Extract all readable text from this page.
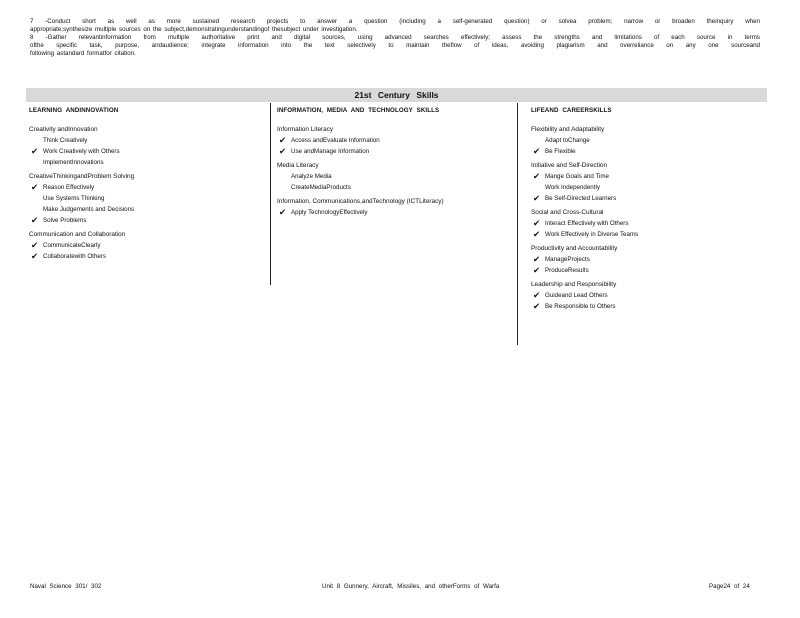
7 -Conduct short as well as more sustained research projects to answer a question (including a self-generated question) or solvea problem; narrow or broaden theinquiry when

appropriate;synthesize multiple sources on the subject,demonstratingunderstandingof thesubject under investigation.

8 -Gather relevantinformation from multiple authoritative print and digital sources, using advanced searches effectively; assess the strengths and limitations of each source in terms

ofthe specific task, purpose, andaudience; integrate information into the text selectively to maintain theflow of ideas, avoiding plagiarism and overreliance on any one sourceand

following astandard formatfor citation.

21st Century Skills
LEARNING ANDINNOVATION
Creativity andInnovation
Think Creatively
✔ Work Creatively with Others
ImplementInnovations
CreativeThinkingandProblem Solving
✔ Reason Effectively
Use Systems Thinking
Make Judgements and Decisions
✔ Solve Problems
Communication and Collaboration
✔ CommunicateClearly
✔ Collaboratewith Others
INFORMATION, MEDIA AND TECHNOLOGY SKILLS
Information Literacy
✔ Access andEvaluate Information
✔ Use andManage Information
Media Literacy
Analyze Media
CreateMediaProducts
Information, Communications,andTechnology (ICTLiteracy)
✔ Apply TechnologyEffectively
LIFEAND CAREERSKILLS
Flexibility and Adaptability
Adapt toChange
✔ Be Flexible
Initiative and Self-Direction
✔ Mange Goals and Time
Work Independently
✔ Be Self-Directed Learners
Social and Cross-Cultural
✔ Interact Effectively with Others
✔ Work Effectively in Diverse Teams
Productivity and Accountability
✔ ManageProjects
✔ ProduceResults
Leadership and Responsibility
✔ Guideand Lead Others
✔ Be Responsible to Others
Naval Science 301/ 302	Unit 8 Gunnery, Aircraft, Missiles, and otherForms of Warfa	Page24 of 24
